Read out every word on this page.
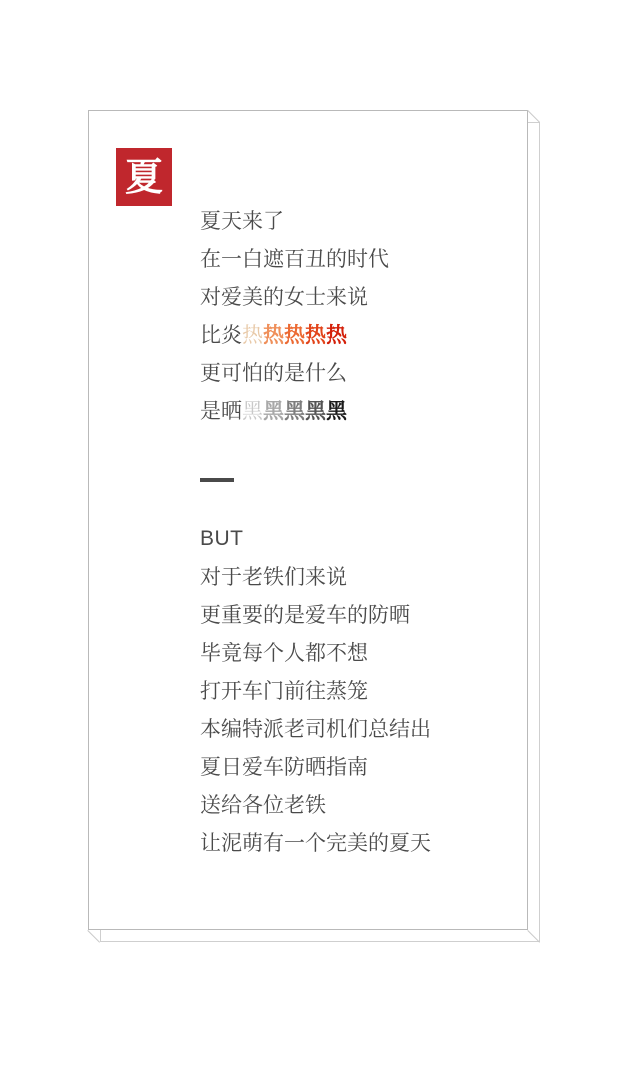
夏
夏天来了
在一白遮百丑的时代
对爱美的女士来说
比炎热热热热热
更可怕的是什么
是晒黑黑黑黑黑
BUT
对于老铁们来说
更重要的是爱车的防晒
毕竟每个人都不想
打开车门前往蒸笼
本编特派老司机们总结出
夏日爱车防晒指南
送给各位老铁
让泥萌有一个完美的夏天
